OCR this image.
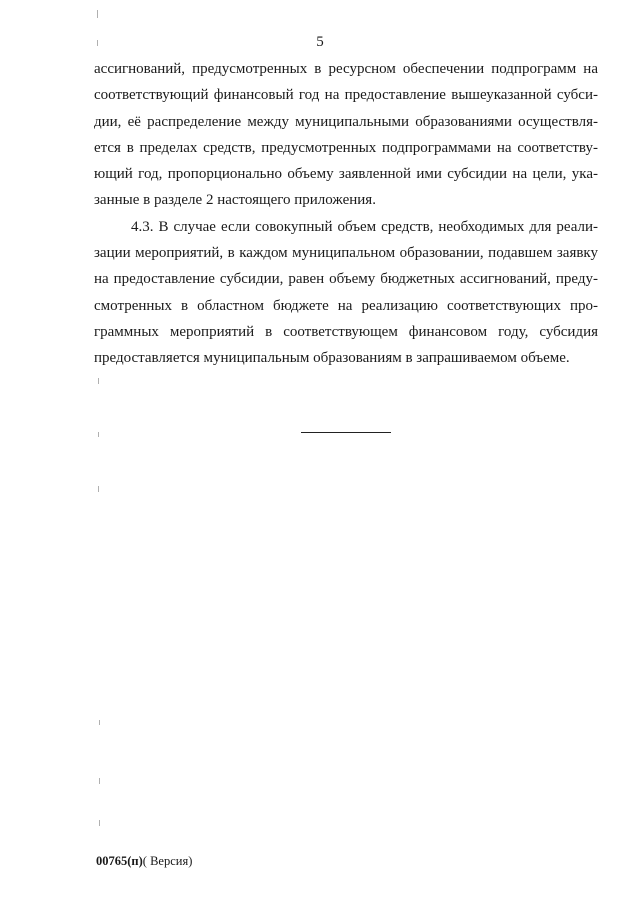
5
ассигнований, предусмотренных в ресурсном обеспечении подпрограмм на
соответствующий финансовый год на предоставление вышеуказанной субси-
дии, её распределение между муниципальными образованиями осуществля-
ется в пределах средств, предусмотренных подпрограммами на соответству-
ющий год, пропорционально объему заявленной ими субсидии на цели, ука-
занные в разделе 2 настоящего приложения.
4.3. В случае если совокупный объем средств, необходимых для реали-
зации мероприятий, в каждом муниципальном образовании, подавшем заявку
на предоставление субсидии, равен объему бюджетных ассигнований, преду-
смотренных в областном бюджете на реализацию соответствующих про-
граммных мероприятий в соответствующем финансовом году, субсидия
предоставляется муниципальным образованиям в запрашиваемом объеме.
00765(п)( Версия)
